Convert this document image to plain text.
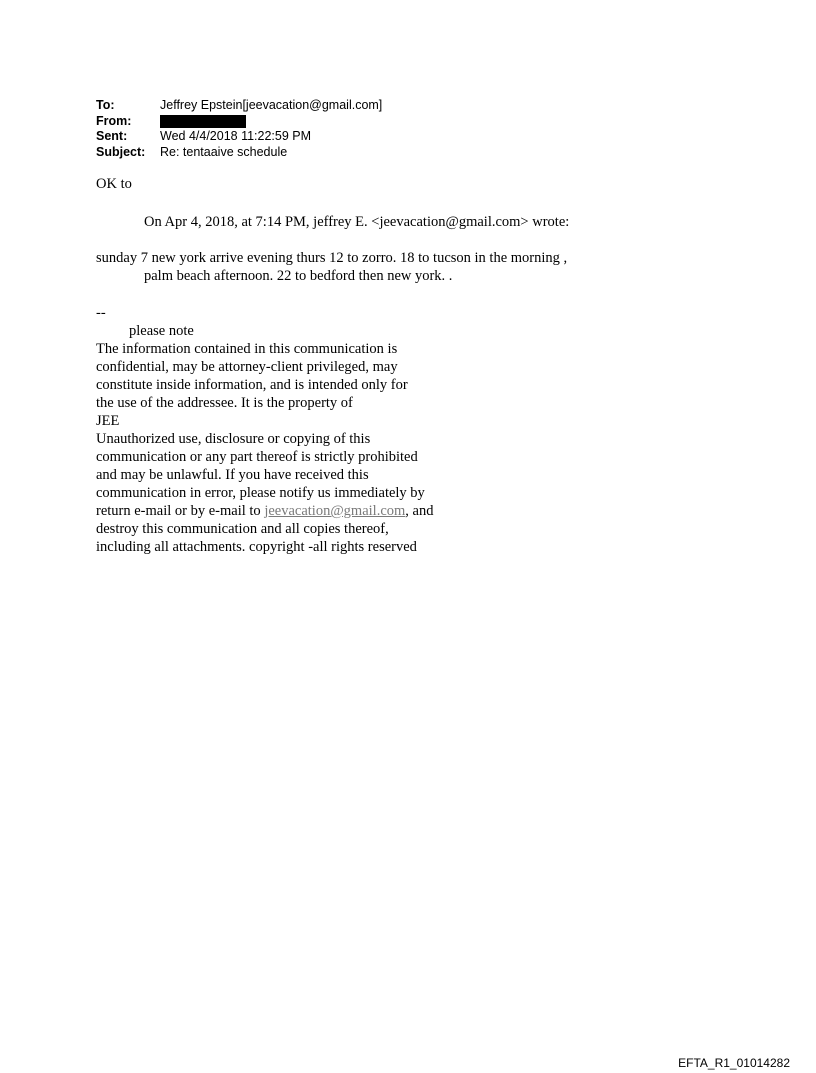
To:	Jeffrey Epstein[jeevacation@gmail.com]
From:
Sent:	Wed 4/4/2018 11:22:59 PM
Subject:	Re: tentaaive schedule
OK to
On Apr 4, 2018, at 7:14 PM, jeffrey E. <jeevacation@gmail.com> wrote:
sunday 7 new york arrive evening thurs 12 to zorro. 18 to tucson in the morning ,
palm beach afternoon. 22 to bedford then new york. .
--
please note
The information contained in this communication is
confidential, may be attorney-client privileged, may
constitute inside information, and is intended only for
the use of the addressee. It is the property of
JEE
Unauthorized use, disclosure or copying of this
communication or any part thereof is strictly prohibited
and may be unlawful. If you have received this
communication in error, please notify us immediately by
return e-mail or by e-mail to jeevacation@gmail.com, and
destroy this communication and all copies thereof,
including all attachments. copyright -all rights reserved
EFTA_R1_01014282
